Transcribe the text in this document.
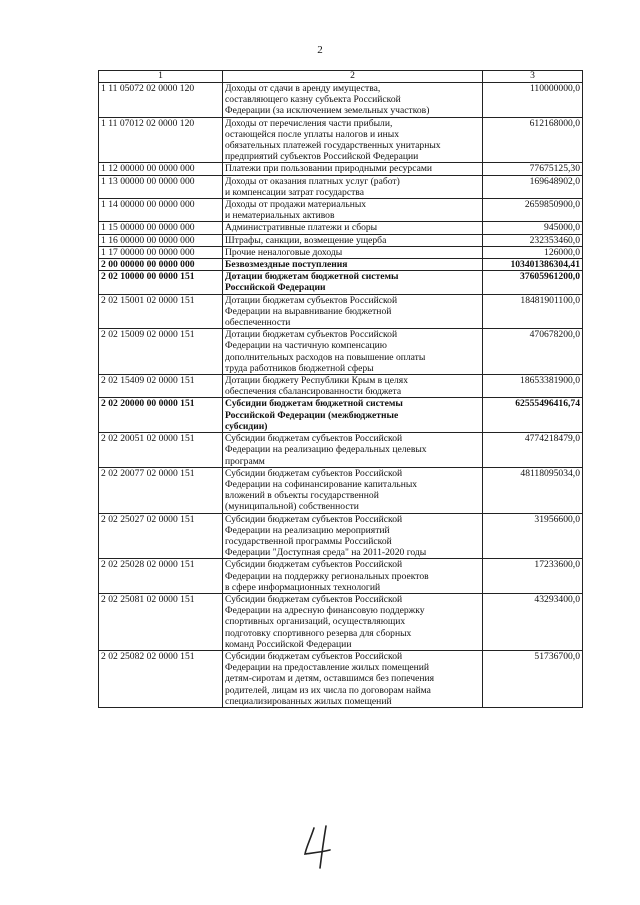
2
1	2	3
1 11 05072 02 0000 120	Доходы от сдачи в аренду имущества,
составляющего казну субъекта Российской
Федерации (за исключением земельных участков)	110000000,0
1 11 07012 02 0000 120	Доходы от перечисления части прибыли,
остающейся после уплаты налогов и иных
обязательных платежей государственных унитарных
предприятий субъектов Российской Федерации	612168000,0
1 12 00000 00 0000 000	Платежи при пользовании природными ресурсами	77675125,30
1 13 00000 00 0000 000	Доходы от оказания платных услуг (работ)
и компенсации затрат государства	169648902,0
1 14 00000 00 0000 000	Доходы от продажи материальных
и нематериальных активов	2659850900,0
1 15 00000 00 0000 000	Административные платежи и сборы	945000,0
1 16 00000 00 0000 000	Штрафы, санкции, возмещение ущерба	232353460,0
1 17 00000 00 0000 000	Прочие неналоговые доходы	126000,0
2 00 00000 00 0000 000	Безвозмездные поступления	103401386304,41
2 02 10000 00 0000 151	Дотации бюджетам бюджетной системы
Российской Федерации	37605961200,0
2 02 15001 02 0000 151	Дотации бюджетам субъектов Российской
Федерации на выравнивание бюджетной
обеспеченности	18481901100,0
2 02 15009 02 0000 151	Дотации бюджетам субъектов Российской
Федерации на частичную компенсацию
дополнительных расходов на повышение оплаты
труда работников бюджетной сферы	470678200,0
2 02 15409 02 0000 151	Дотации бюджету Республики Крым в целях
обеспечения сбалансированности бюджета	18653381900,0
2 02 20000 00 0000 151	Субсидии бюджетам бюджетной системы
Российской Федерации (межбюджетные
субсидии)	62555496416,74
2 02 20051 02 0000 151	Субсидии бюджетам субъектов Российской
Федерации на реализацию федеральных целевых
программ	4774218479,0
2 02 20077 02 0000 151	Субсидии бюджетам субъектов Российской
Федерации на софинансирование капитальных
вложений в объекты государственной
(муниципальной) собственности	48118095034,0
2 02 25027 02 0000 151	Субсидии бюджетам субъектов Российской
Федерации на реализацию мероприятий
государственной программы Российской
Федерации "Доступная среда" на 2011-2020 годы	31956600,0
2 02 25028 02 0000 151	Субсидии бюджетам субъектов Российской
Федерации на поддержку региональных проектов
в сфере информационных технологий	17233600,0
2 02 25081 02 0000 151	Субсидии бюджетам субъектов Российской
Федерации на адресную финансовую поддержку
спортивных организаций, осуществляющих
подготовку спортивного резерва для сборных
команд Российской Федерации	43293400,0
2 02 25082 02 0000 151	Субсидии бюджетам субъектов Российской
Федерации на предоставление жилых помещений
детям-сиротам и детям, оставшимся без попечения
родителей, лицам из их числа по договорам найма
специализированных жилых помещений	51736700,0
